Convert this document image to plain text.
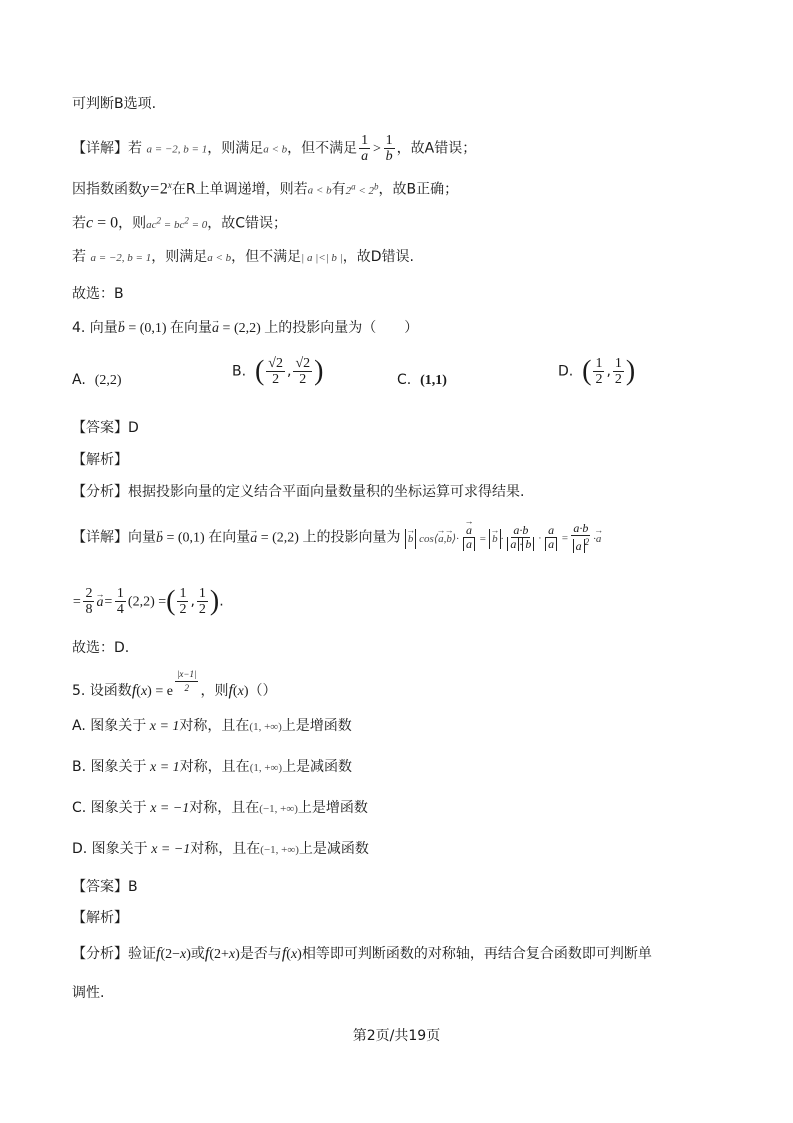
可判断B选项.
【详解】若 a = −2, b = 1，则满足a < b，但不满足 $\frac{1}{a} > \frac{1}{b}$ ，故A错误；
因指数函数$y=2^x$在R上单调递增，则若a < b有$2^a < 2^b$，故B正确；
若c = 0，则$ac^2 = bc^2 = 0$，故C错误；
若 a = −2, b = 1，则满足a < b，但不满足| a |<| b |，故D错误.
故选：B
4. 向量→ b = (0,1) 在向量→ a = (2,2) 上的投影向量为（　　）
A. (2,2)
B. ( $\frac{√2}{2}$ , $\frac{√2}{2}$ )	C. (1,1)
D. ( $\frac{1}{2}$ , $\frac{1}{2}$ )
【答案】D
【解析】
【分析】根据投影向量的定义结合平面向量数量积的坐标运算可求得结果.
【详解】向量→ b = (0,1) 在向量→ a = (2,2) 上的投影向量为 → b cos⟨→ a,→ b⟩·
→ $\frac{a}{a}$ = → $b \cdot \frac{a\cdot b}{a \cdot b} \cdot \frac{a}{a} = \frac{a\cdot b}{a ^2} \cdot\to a$
= $\frac{2}{8}$
→ $a= \frac{1}{4} (2,2)$ =( $\frac{1}{2}$ , $\frac{1}{2}$ ).
故选：D.
5. 设函数f(x) = e $^{\frac{|x-1|}{2}}$ ，则f(x)（）
A. 图象关于 x = 1对称，且在(1, +∞)上是增函数
B. 图象关于 x = 1对称，且在(1, +∞)上是减函数
C. 图象关于 x = −1对称，且在(−1, +∞)上是增函数
D. 图象关于 x = −1对称，且在(−1, +∞)上是减函数
【答案】B
【解析】
【分析】验证f(2−x)或f(2+x)是否与f(x)相等即可判断函数的对称轴，再结合复合函数即可判断单
调性.
第2页/共19页
